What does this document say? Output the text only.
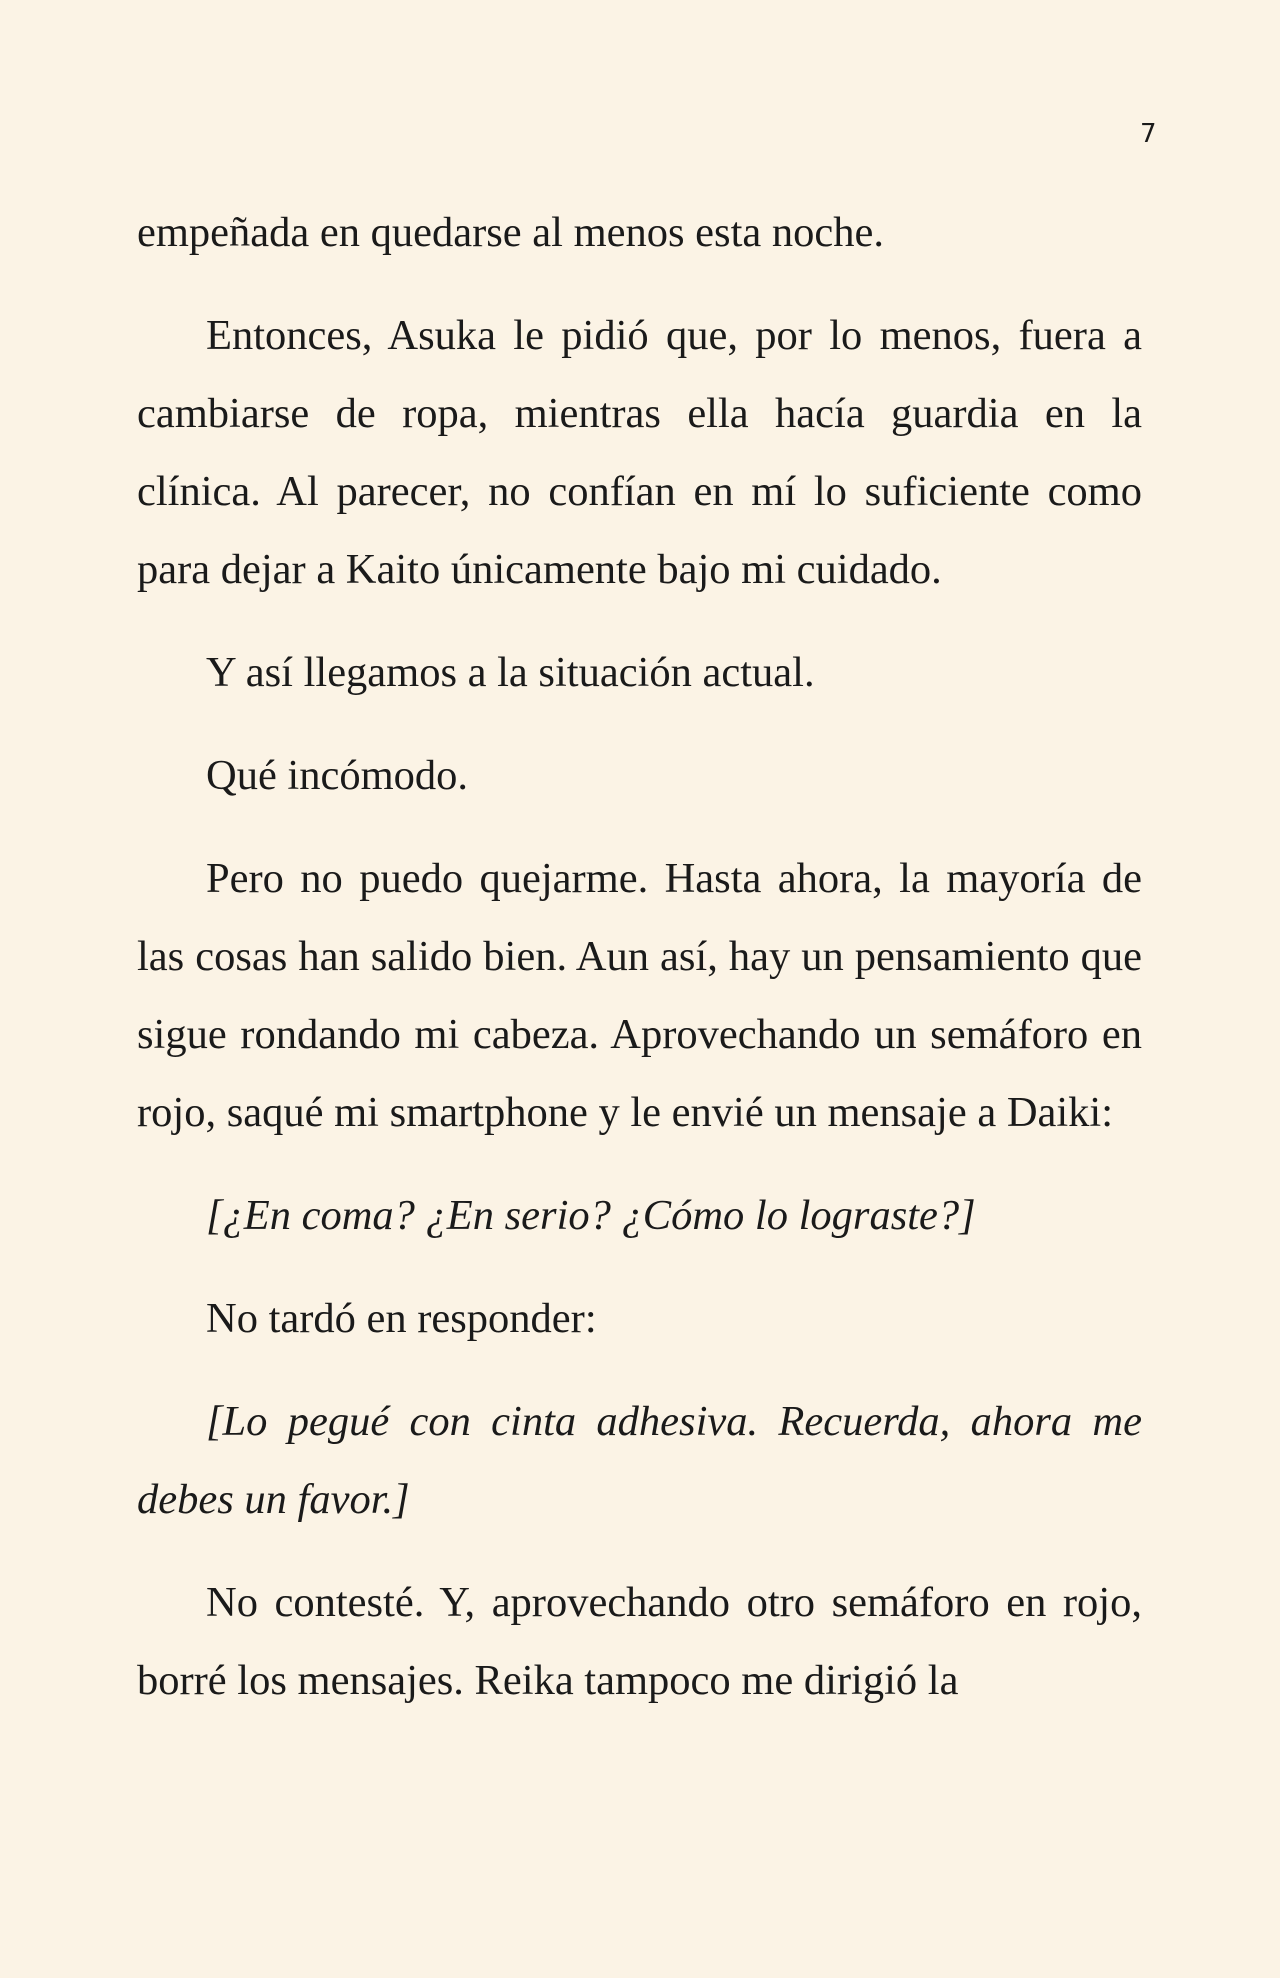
7

empeñada en quedarse al menos esta noche.

Entonces, Asuka le pidió que, por lo menos, fuera a cambiarse de ropa, mientras ella hacía guardia en la clínica. Al parecer, no confían en mí lo suficiente como para dejar a Kaito únicamente bajo mi cuidado.

Y así llegamos a la situación actual.

Qué incómodo.

Pero no puedo quejarme. Hasta ahora, la mayoría de las cosas han salido bien. Aun así, hay un pensamiento que sigue rondando mi cabeza. Aprovechando un semáforo en rojo, saqué mi smartphone y le envié un mensaje a Daiki:

[¿En coma? ¿En serio? ¿Cómo lo lograste?]

No tardó en responder:

[Lo pegué con cinta adhesiva. Recuerda, ahora me debes un favor.]

No contesté. Y, aprovechando otro semáforo en rojo, borré los mensajes. Reika tampoco me dirigió la
